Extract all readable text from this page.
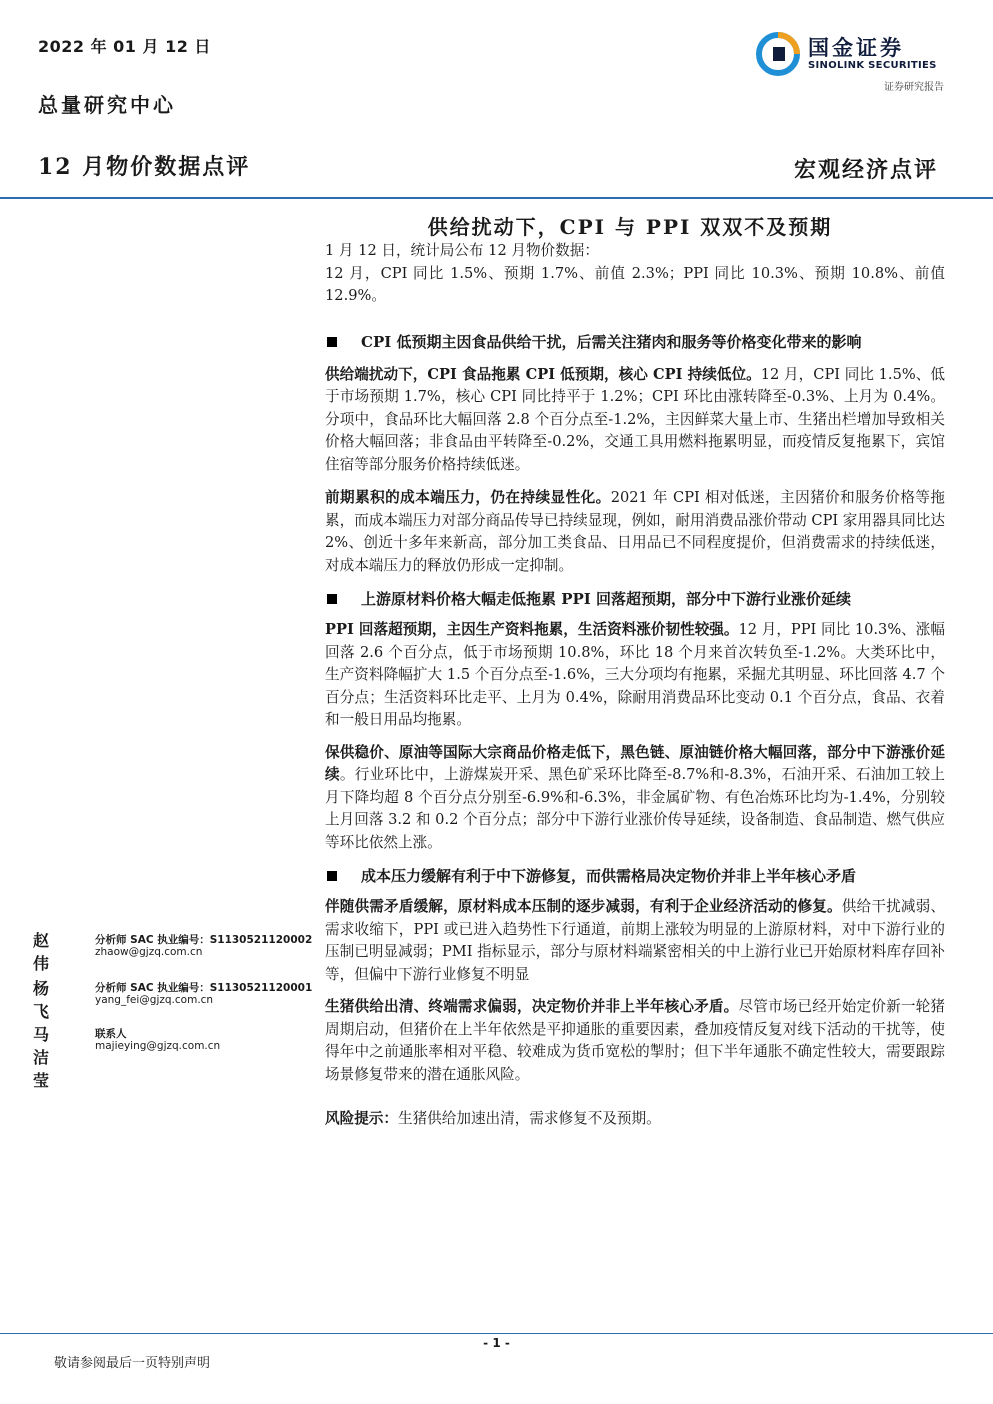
2022 年 01 月 12 日
总量研究中心
12 月物价数据点评	宏观经济点评
国金证券
SINOLINK SECURITIES
证券研究报告
供给扰动下，CPI 与 PPI 双双不及预期
1 月 12 日，统计局公布 12 月物价数据：
12 月，CPI 同比 1.5%、预期 1.7%、前值 2.3%；PPI 同比 10.3%、预期 10.8%、前值 12.9%。
CPI 低预期主因食品供给干扰，后需关注猪肉和服务等价格变化带来的影响
供给端扰动下，CPI 食品拖累 CPI 低预期，核心 CPI 持续低位。12 月，CPI 同比 1.5%、低于市场预期 1.7%，核心 CPI 同比持平于 1.2%；CPI 环比由涨转降至-0.3%、上月为 0.4%。分项中，食品环比大幅回落 2.8 个百分点至-1.2%，主因鲜菜大量上市、生猪出栏增加导致相关价格大幅回落；非食品由平转降至-0.2%，交通工具用燃料拖累明显，而疫情反复拖累下，宾馆住宿等部分服务价格持续低迷。
前期累积的成本端压力，仍在持续显性化。2021 年 CPI 相对低迷，主因猪价和服务价格等拖累，而成本端压力对部分商品传导已持续显现，例如，耐用消费品涨价带动 CPI 家用器具同比达 2%、创近十多年来新高，部分加工类食品、日用品已不同程度提价，但消费需求的持续低迷，对成本端压力的释放仍形成一定抑制。
上游原材料价格大幅走低拖累 PPI 回落超预期，部分中下游行业涨价延续
PPI 回落超预期，主因生产资料拖累，生活资料涨价韧性较强。12 月，PPI 同比 10.3%、涨幅回落 2.6 个百分点，低于市场预期 10.8%，环比 18 个月来首次转负至-1.2%。大类环比中，生产资料降幅扩大 1.5 个百分点至-1.6%，三大分项均有拖累，采掘尤其明显、环比回落 4.7 个百分点；生活资料环比走平、上月为 0.4%，除耐用消费品环比变动 0.1 个百分点，食品、衣着和一般日用品均拖累。
保供稳价、原油等国际大宗商品价格走低下，黑色链、原油链价格大幅回落，部分中下游涨价延续。行业环比中，上游煤炭开采、黑色矿采环比降至-8.7%和-8.3%，石油开采、石油加工较上月下降均超 8 个百分点分别至-6.9%和-6.3%，非金属矿物、有色冶炼环比均为-1.4%，分别较上月回落 3.2 和 0.2 个百分点；部分中下游行业涨价传导延续，设备制造、食品制造、燃气供应等环比依然上涨。
成本压力缓解有利于中下游修复，而供需格局决定物价并非上半年核心矛盾
伴随供需矛盾缓解，原材料成本压制的逐步减弱，有利于企业经济活动的修复。供给干扰减弱、需求收缩下，PPI 或已进入趋势性下行通道，前期上涨较为明显的上游原材料，对中下游行业的压制已明显减弱；PMI 指标显示，部分与原材料端紧密相关的中上游行业已开始原材料库存回补等，但偏中下游行业修复不明显
生猪供给出清、终端需求偏弱，决定物价并非上半年核心矛盾。尽管市场已经开始定价新一轮猪周期启动，但猪价在上半年依然是平抑通胀的重要因素，叠加疫情反复对线下活动的干扰等，使得年中之前通胀率相对平稳、较难成为货币宽松的掣肘；但下半年通胀不确定性较大，需要跟踪场景修复带来的潜在通胀风险。
风险提示：生猪供给加速出清，需求修复不及预期。
赵伟
分析师 SAC 执业编号：S1130521120002
zhaow@gjzq.com.cn
杨飞
分析师 SAC 执业编号：S1130521120001
yang_fei@gjzq.com.cn
马洁莹
联系人
majieying@gjzq.com.cn
- 1 -
敬请参阅最后一页特别声明
